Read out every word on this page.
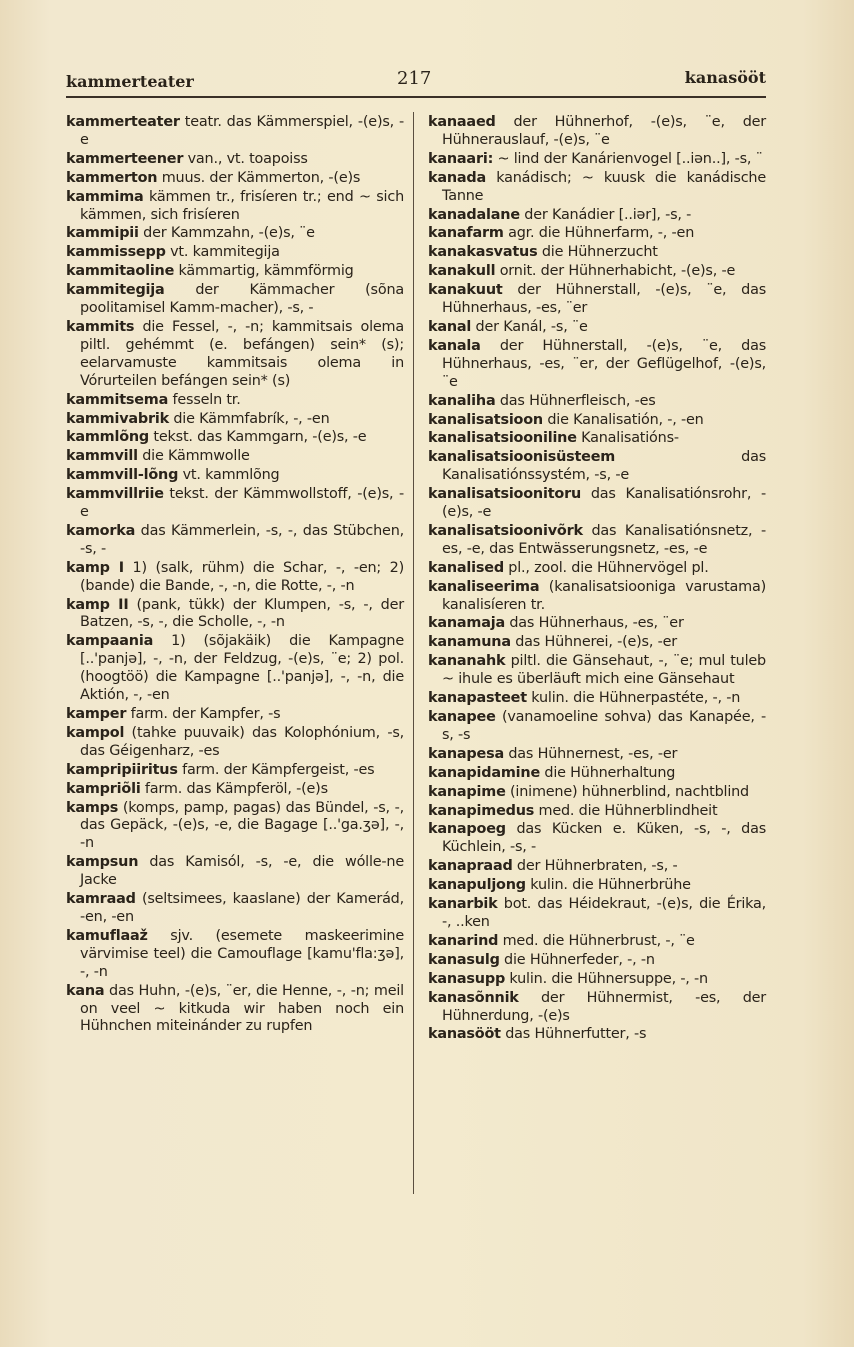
kammerteater	217	kanasööt
kammerteater teatr. das Kämmerspiel, -(e)s, -e
kammerteener van., vt. toapoiss
kammerton muus. der Kämmerton, -(e)s
kammima kämmen tr., frisíeren tr.; end ~ sich kämmen, sich frisíeren
kammipii der Kammzahn, -(e)s, ¨e
kammissepp vt. kammitegija
kammitaoline kämmartig, kämmförmig
kammitegija der Kämmacher (sõna poolitamisel Kamm-macher), -s, -
kammits die Fessel, -, -n; kammitsais olema piltl. gehémmt (e. befángen) sein* (s); eelarvamuste kammitsais olema in Vórurteilen befángen sein* (s)
kammitsema fesseln tr.
kammivabrik die Kämmfabrík, -, -en
kammlõng tekst. das Kammgarn, -(e)s, -e
kammvill die Kämmwolle
kammvill-lõng vt. kammlõng
kammvillriie tekst. der Kämmwollstoff, -(e)s, -e
kamorka das Kämmerlein, -s, -, das Stübchen, -s, -
kamp I 1) (salk, rühm) die Schar, -, -en; 2) (bande) die Bande, -, -n, die Rotte, -, -n
kamp II (pank, tükk) der Klumpen, -s, -, der Batzen, -s, -, die Scholle, -, -n
kampaania 1) (sõjakäik) die Kampagne [..'panjə], -, -n, der Feldzug, -(e)s, ¨e; 2) pol. (hoogtöö) die Kampagne [..'panjə], -, -n, die Aktión, -, -en
kamper farm. der Kampfer, -s
kampol (tahke puuvaik) das Kolophónium, -s, das Géigenharz, -es
kampripiiritus farm. der Kämpfergeist, -es
kampriõli farm. das Kämpferöl, -(e)s
kamps (komps, pamp, pagas) das Bündel, -s, -, das Gepäck, -(e)s, -e, die Bagage [..'ga.ʒə], -, -n
kampsun das Kamisól, -s, -e, die wólle-ne Jacke
kamraad (seltsimees, kaaslane) der Kamerád, -en, -en
kamuflaaž sjv. (esemete maskeerimine värvimise teel) die Camouflage [kamu'fla:ʒə], -, -n
kana das Huhn, -(e)s, ¨er, die Henne, -, -n; meil on veel ~ kitkuda wir haben noch ein Hühnchen miteinánder zu rupfen
kanaaed der Hühnerhof, -(e)s, ¨e, der Hühnerauslauf, -(e)s, ¨e
kanaari: ~ lind der Kanárienvogel [..iən..], -s, ¨
kanada kanádisch; ~ kuusk die kanádische Tanne
kanadalane der Kanádier [..iər], -s, -
kanafarm agr. die Hühnerfarm, -, -en
kanakasvatus die Hühnerzucht
kanakull ornit. der Hühnerhabicht, -(e)s, -e
kanakuut der Hühnerstall, -(e)s, ¨e, das Hühnerhaus, -es, ¨er
kanal der Kanál, -s, ¨e
kanala der Hühnerstall, -(e)s, ¨e, das Hühnerhaus, -es, ¨er, der Geflügelhof, -(e)s, ¨e
kanaliha das Hühnerfleisch, -es
kanalisatsioon die Kanalisatión, -, -en
kanalisatsiooniline Kanalisatións-
kanalisatsioonisüsteem das Kanalisatiónssystém, -s, -e
kanalisatsioonitoru das Kanalisatiónsrohr, -(e)s, -e
kanalisatsioonivõrk das Kanalisatiónsnetz, -es, -e, das Entwässerungsnetz, -es, -e
kanalised pl., zool. die Hühnervögel pl.
kanaliseerima (kanalisatsiooniga varustama) kanalisíeren tr.
kanamaja das Hühnerhaus, -es, ¨er
kanamuna das Hühnerei, -(e)s, -er
kananahk piltl. die Gänsehaut, -, ¨e; mul tuleb ~ ihule es überläuft mich eine Gänsehaut
kanapasteet kulin. die Hühnerpastéte, -, -n
kanapee (vanamoeline sohva) das Kanapée, -s, -s
kanapesa das Hühnernest, -es, -er
kanapidamine die Hühnerhaltung
kanapime (inimene) hühnerblind, nachtblind
kanapimedus med. die Hühnerblindheit
kanapoeg das Kücken e. Küken, -s, -, das Küchlein, -s, -
kanapraad der Hühnerbraten, -s, -
kanapuljong kulin. die Hühnerbrühe
kanarbik bot. das Héidekraut, -(e)s, die Érika, -, ..ken
kanarind med. die Hühnerbrust, -, ¨e
kanasulg die Hühnerfeder, -, -n
kanasupp kulin. die Hühnersuppe, -, -n
kanasõnnik der Hühnermist, -es, der Hühnerdung, -(e)s
kanasööt das Hühnerfutter, -s
